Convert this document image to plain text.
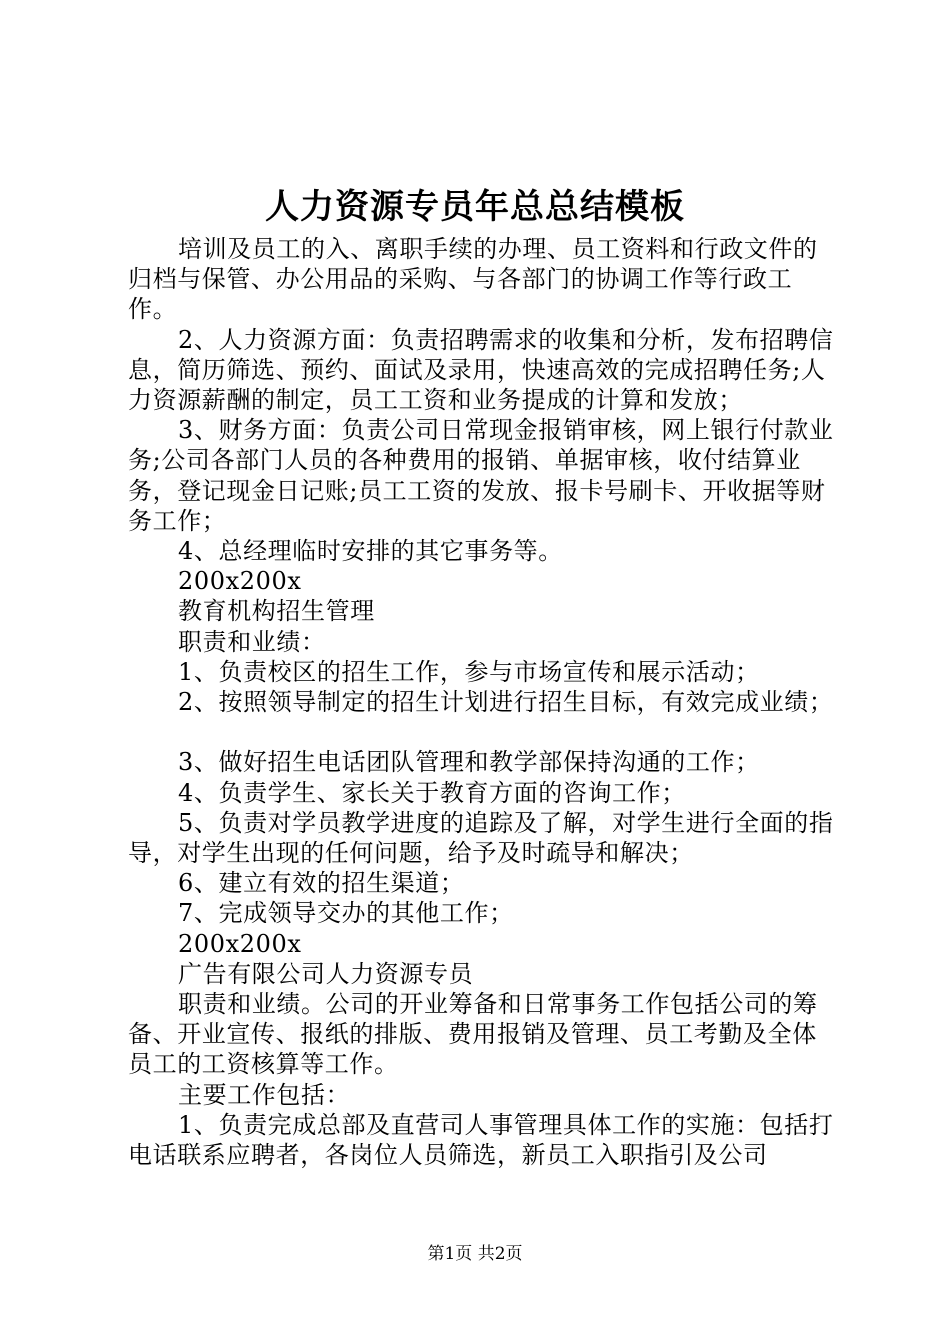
人力资源专员年总总结模板

培训及员工的入、离职手续的办理、员工资料和行政文件的归档与保管、办公用品的采购、与各部门的协调工作等行政工作。

2、人力资源方面：负责招聘需求的收集和分析，发布招聘信息，简历筛选、预约、面试及录用，快速高效的完成招聘任务;人力资源薪酬的制定，员工工资和业务提成的计算和发放；

3、财务方面：负责公司日常现金报销审核，网上银行付款业务;公司各部门人员的各种费用的报销、单据审核，收付结算业务，登记现金日记账;员工工资的发放、报卡号刷卡、开收据等财务工作；

4、总经理临时安排的其它事务等。

200x200x

教育机构招生管理

职责和业绩：

1、负责校区的招生工作，参与市场宣传和展示活动；

2、按照领导制定的招生计划进行招生目标，有效完成业绩；

3、做好招生电话团队管理和教学部保持沟通的工作；

4、负责学生、家长关于教育方面的咨询工作；

5、负责对学员教学进度的追踪及了解，对学生进行全面的指导，对学生出现的任何问题，给予及时疏导和解决；

6、建立有效的招生渠道；

7、完成领导交办的其他工作；

200x200x

广告有限公司人力资源专员

职责和业绩。公司的开业筹备和日常事务工作包括公司的筹备、开业宣传、报纸的排版、费用报销及管理、员工考勤及全体员工的工资核算等工作。

主要工作包括：

1、负责完成总部及直营司人事管理具体工作的实施：包括打电话联系应聘者，各岗位人员筛选，新员工入职指引及公司

第1页 共2页
